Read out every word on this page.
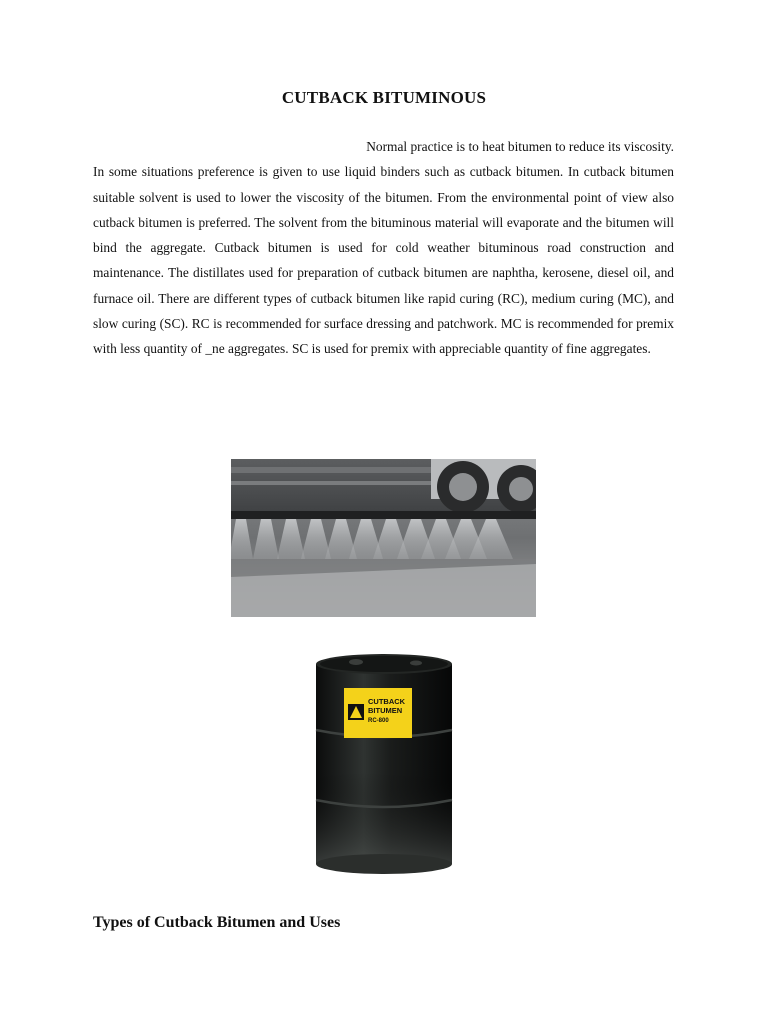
CUTBACK BITUMINOUS

Normal practice is to heat bitumen to reduce its viscosity.
In some situations preference is given to use liquid binders such as cutback bitumen. In cutback bitumen suitable solvent is used to lower the viscosity of the bitumen. From the environmental point of view also cutback bitumen is preferred. The solvent from the bituminous material will evaporate and the bitumen will bind the aggregate. Cutback bitumen is used for cold weather bituminous road construction and maintenance. The distillates used for preparation of cutback bitumen are naphtha, kerosene, diesel oil, and furnace oil. There are different types of cutback bitumen like rapid curing (RC), medium curing (MC), and slow curing (SC). RC is recommended for surface dressing and patchwork. MC is recommended for premix with less quantity of _ne aggregates. SC is used for premix with appreciable quantity of fine aggregates.

CUTBACK
BITUMEN
RC-800
Types of Cutback Bitumen and Uses
